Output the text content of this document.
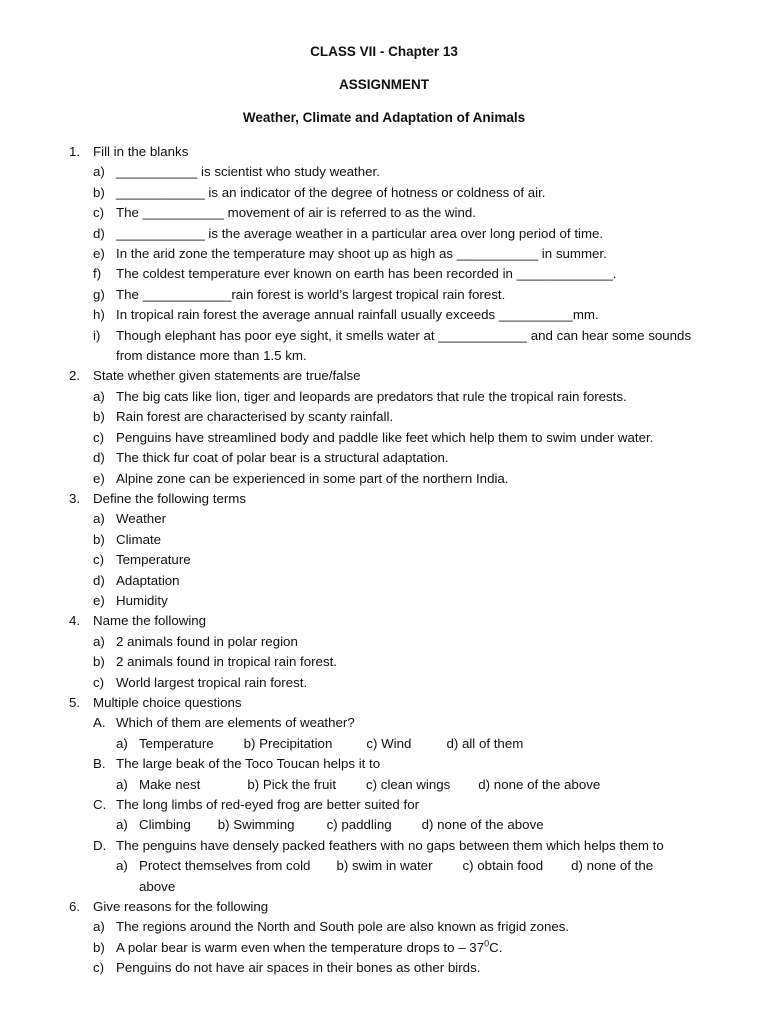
CLASS VII - Chapter 13
ASSIGNMENT
Weather, Climate and Adaptation of Animals
1. Fill in the blanks
a) ___________ is scientist who study weather.
b) ____________ is an indicator of the degree of hotness or coldness of air.
c) The ___________ movement of air is referred to as the wind.
d) ____________ is the average weather in a particular area over long period of time.
e) In the arid zone the temperature may shoot up as high as ___________ in summer.
f) The coldest temperature ever known on earth has been recorded in _____________.
g) The ____________rain forest is world’s largest tropical rain forest.
h) In tropical rain forest the average annual rainfall usually exceeds __________mm.
i) Though elephant has poor eye sight, it smells water at ____________ and can hear some sounds from distance more than 1.5 km.
2. State whether given statements are true/false
a) The big cats like lion, tiger and leopards are predators that rule the tropical rain forests.
b) Rain forest are characterised by scanty rainfall.
c) Penguins have streamlined body and paddle like feet which help them to swim under water.
d) The thick fur coat of polar bear is a structural adaptation.
e) Alpine zone can be experienced in some part of the northern India.
3. Define the following terms
a) Weather
b) Climate
c) Temperature
d) Adaptation
e) Humidity
4. Name the following
a) 2 animals found in polar region
b) 2 animals found in tropical rain forest.
c) World largest tropical rain forest.
5. Multiple choice questions
A. Which of them are elements of weather?
a) Temperature b) Precipitation	c) Wind	d) all of them
B. The large beak of the Toco Toucan helps it to
a) Make nest	b) Pick the fruit c) clean wings d) none of the above
C. The long limbs of red-eyed frog are better suited for
a) Climbing b) Swimming c) paddling d) none of the above
D. The penguins have densely packed feathers with no gaps between them which helps them to
a) Protect themselves from cold b) swim in water c) obtain food d) none of the above
6. Give reasons for the following
a) The regions around the North and South pole are also known as frigid zones.
b) A polar bear is warm even when the temperature drops to – $37^0C$.
c) Penguins do not have air spaces in their bones as other birds.
